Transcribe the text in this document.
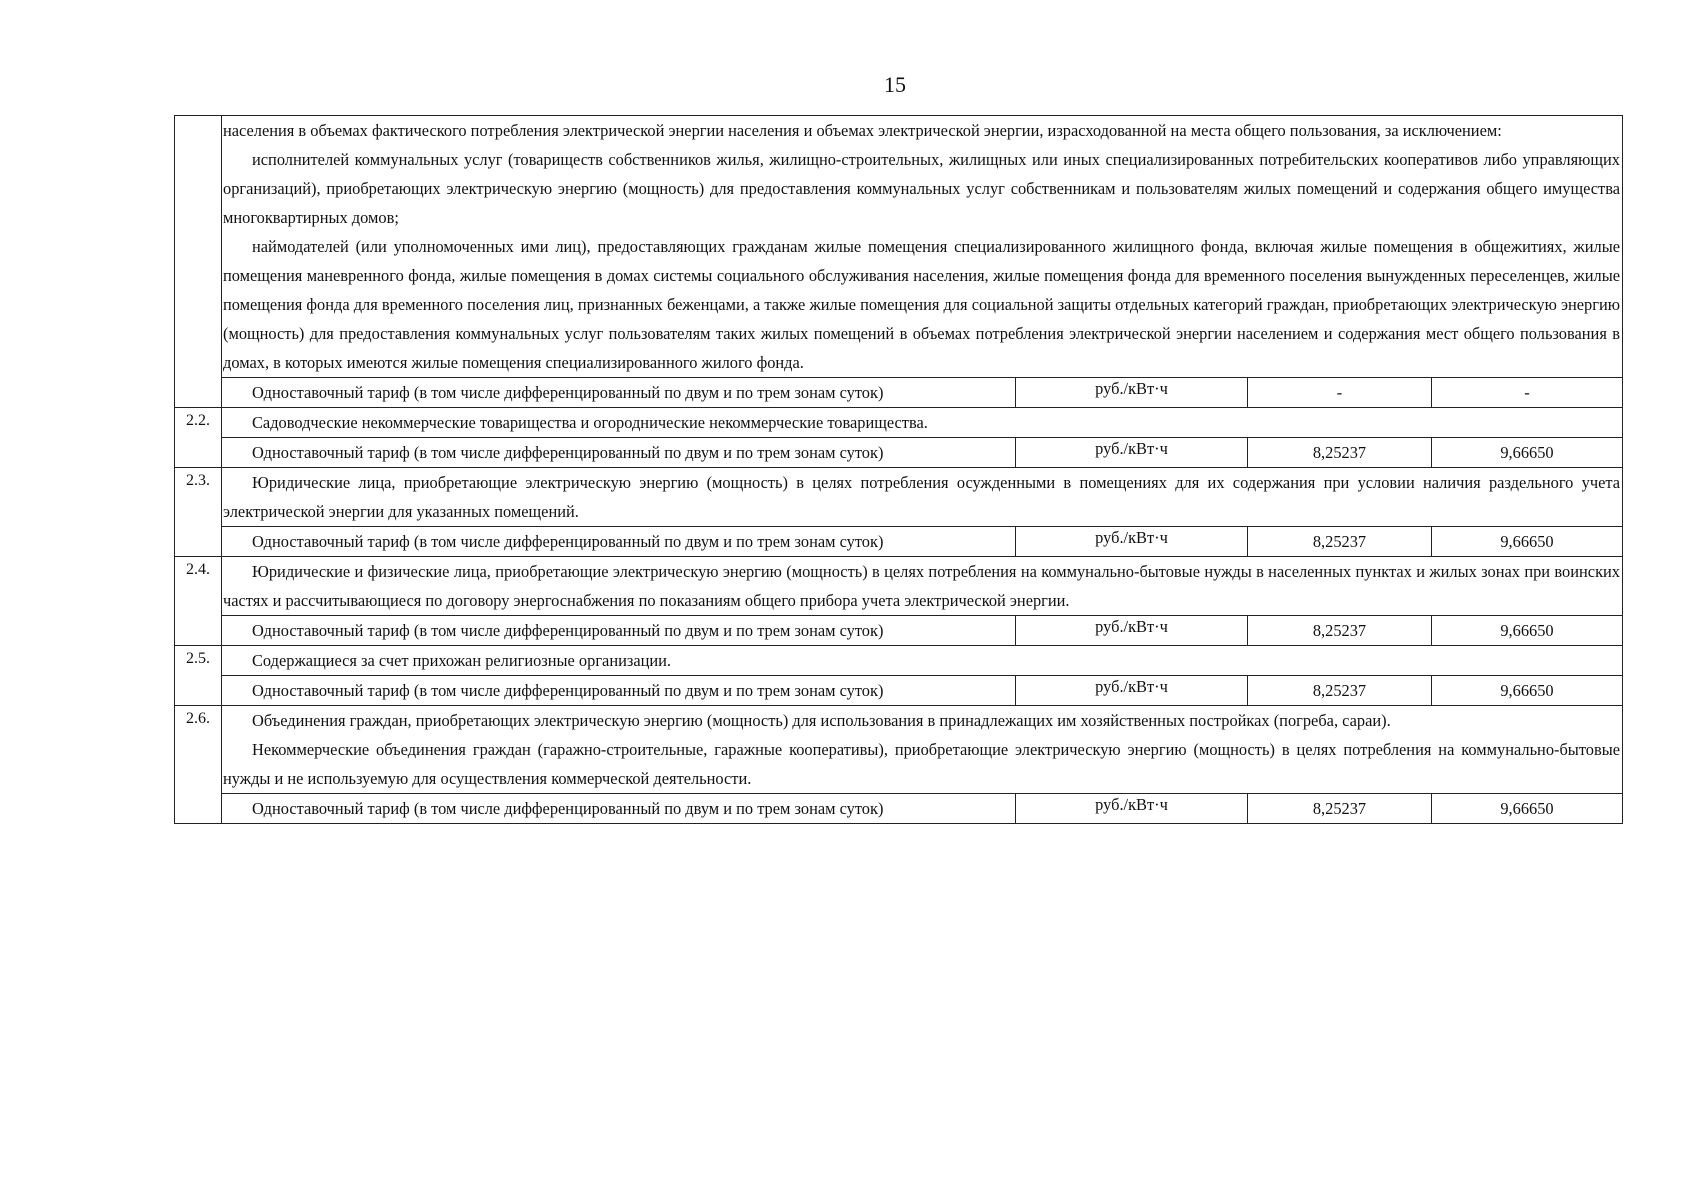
15

	населения в объемах фактического потребления электрической энергии населения и объемах электрической энергии, израсходованной на места общего пользования, за исключением:

исполнителей коммунальных услуг (товариществ собственников жилья, жилищно-строительных, жилищных или иных специализированных потребительских кооперативов либо управляющих организаций), приобретающих электрическую энергию (мощность) для предоставления коммунальных услуг собственникам и пользователям жилых помещений и содержания общего имущества многоквартирных домов;

наймодателей (или уполномоченных ими лиц), предоставляющих гражданам жилые помещения специализированного жилищного фонда, включая жилые помещения в общежитиях, жилые помещения маневренного фонда, жилые помещения в домах системы социального обслуживания населения, жилые помещения фонда для временного поселения вынужденных переселенцев, жилые помещения фонда для временного поселения лиц, признанных беженцами, а также жилые помещения для социальной защиты отдельных категорий граждан, приобретающих электрическую энергию (мощность) для предоставления коммунальных услуг пользователям таких жилых помещений в объемах потребления электрической энергии населением и содержания мест общего пользования в домах, в которых имеются жилые помещения специализированного жилого фонда.			

	Одноставочный тариф (в том числе дифференцированный по двум и по трем зонам суток)	руб./кВт·ч	-	-
2.2.	Садоводческие некоммерческие товарищества и огороднические некоммерческие товарищества.			

	Одноставочный тариф (в том числе дифференцированный по двум и по трем зонам суток)	руб./кВт·ч	8,25237	9,66650
2.3.	Юридические лица, приобретающие электрическую энергию (мощность) в целях потребления осужденными в помещениях для их содержания при условии наличия раздельного учета электрической энергии для указанных помещений.			

	Одноставочный тариф (в том числе дифференцированный по двум и по трем зонам суток)	руб./кВт·ч	8,25237	9,66650
2.4.	Юридические и физические лица, приобретающие электрическую энергию (мощность) в целях потребления на коммунально-бытовые нужды в населенных пунктах и жилых зонах при воинских частях и рассчитывающиеся по договору энергоснабжения по показаниям общего прибора учета электрической энергии.			

	Одноставочный тариф (в том числе дифференцированный по двум и по трем зонам суток)	руб./кВт·ч	8,25237	9,66650
2.5.	Содержащиеся за счет прихожан религиозные организации.			

	Одноставочный тариф (в том числе дифференцированный по двум и по трем зонам суток)	руб./кВт·ч	8,25237	9,66650
2.6.	Объединения граждан, приобретающих электрическую энергию (мощность) для использования в принадлежащих им хозяйственных постройках (погреба, сараи).

Некоммерческие объединения граждан (гаражно-строительные, гаражные кооперативы), приобретающие электрическую энергию (мощность) в целях потребления на коммунально-бытовые нужды и не используемую для осуществления коммерческой деятельности.			

	Одноставочный тариф (в том числе дифференцированный по двум и по трем зонам суток)	руб./кВт·ч	8,25237	9,66650
